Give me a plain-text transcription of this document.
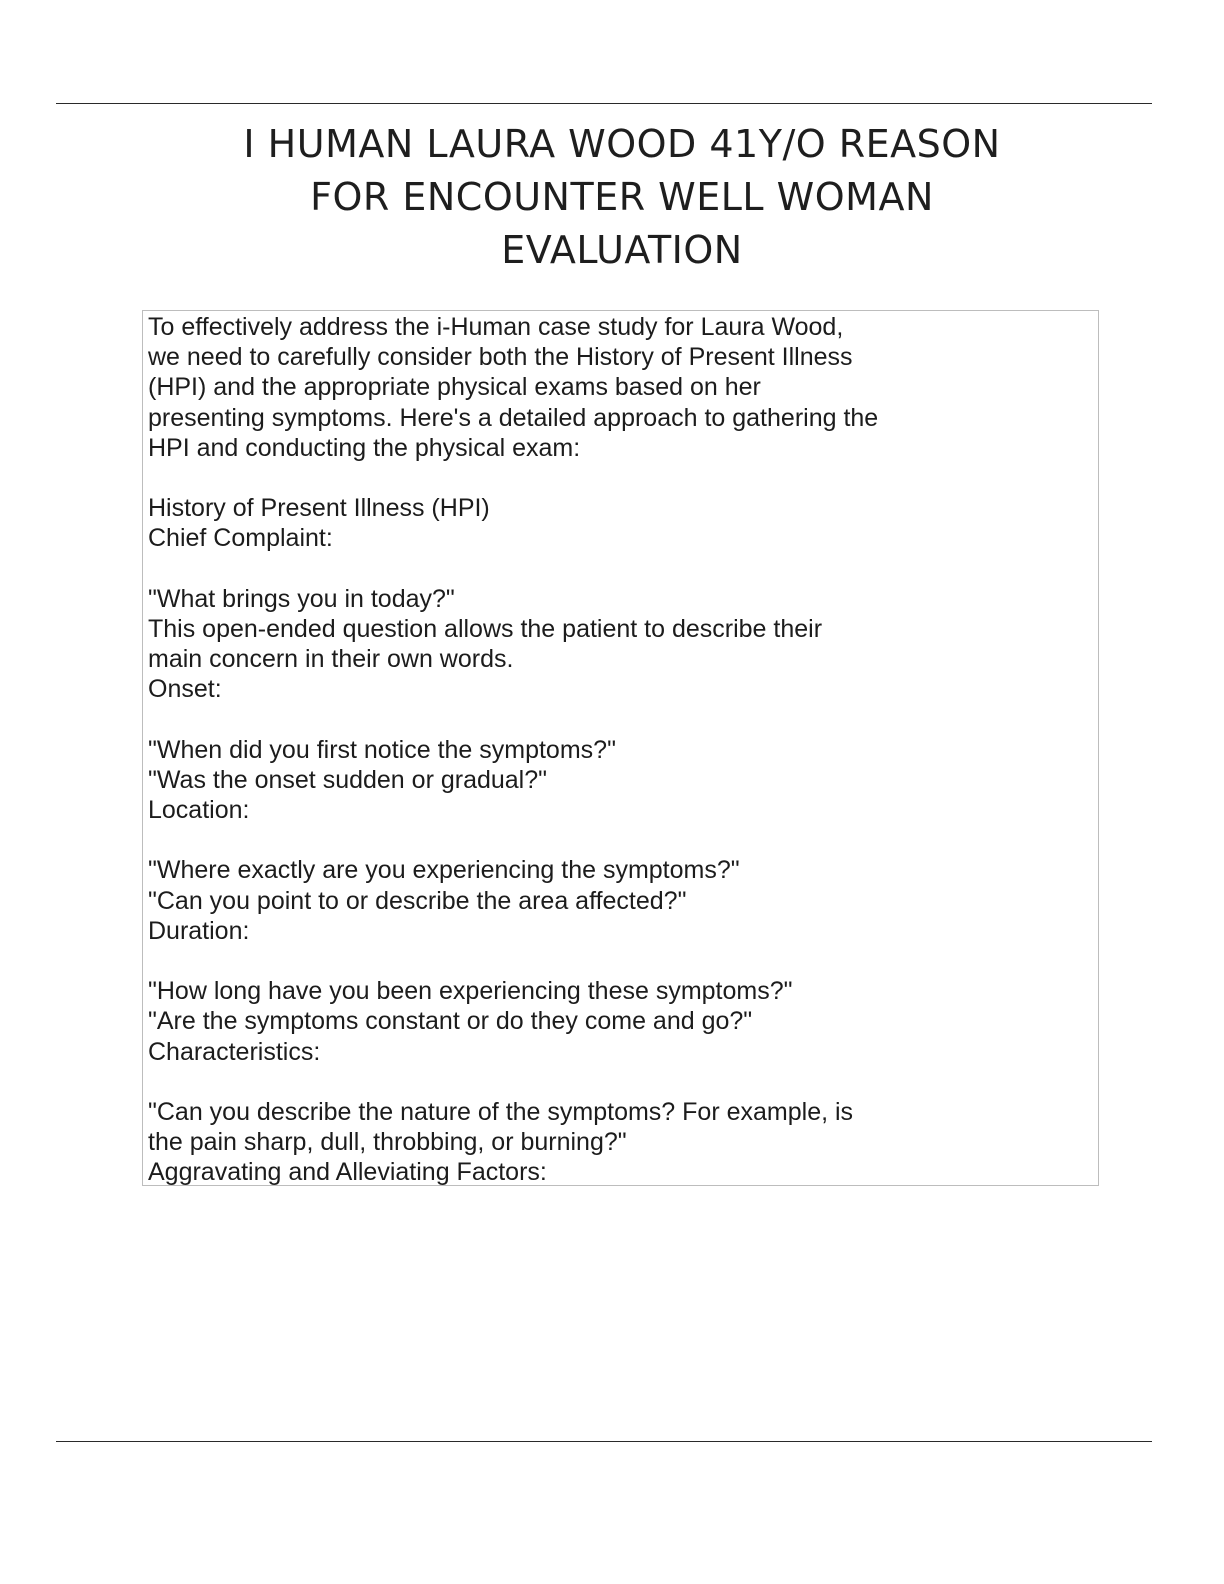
I HUMAN LAURA WOOD 41Y/O REASON
FOR ENCOUNTER WELL WOMAN
EVALUATION
To effectively address the i-Human case study for Laura Wood,
we need to carefully consider both the History of Present Illness
(HPI) and the appropriate physical exams based on her
presenting symptoms. Here's a detailed approach to gathering the
HPI and conducting the physical exam:
History of Present Illness (HPI)
Chief Complaint:
"What brings you in today?"
This open-ended question allows the patient to describe their
main concern in their own words.
Onset:
"When did you first notice the symptoms?"
"Was the onset sudden or gradual?"
Location:
"Where exactly are you experiencing the symptoms?"
"Can you point to or describe the area affected?"
Duration:
"How long have you been experiencing these symptoms?"
"Are the symptoms constant or do they come and go?"
Characteristics:
"Can you describe the nature of the symptoms? For example, is
the pain sharp, dull, throbbing, or burning?"
Aggravating and Alleviating Factors:
